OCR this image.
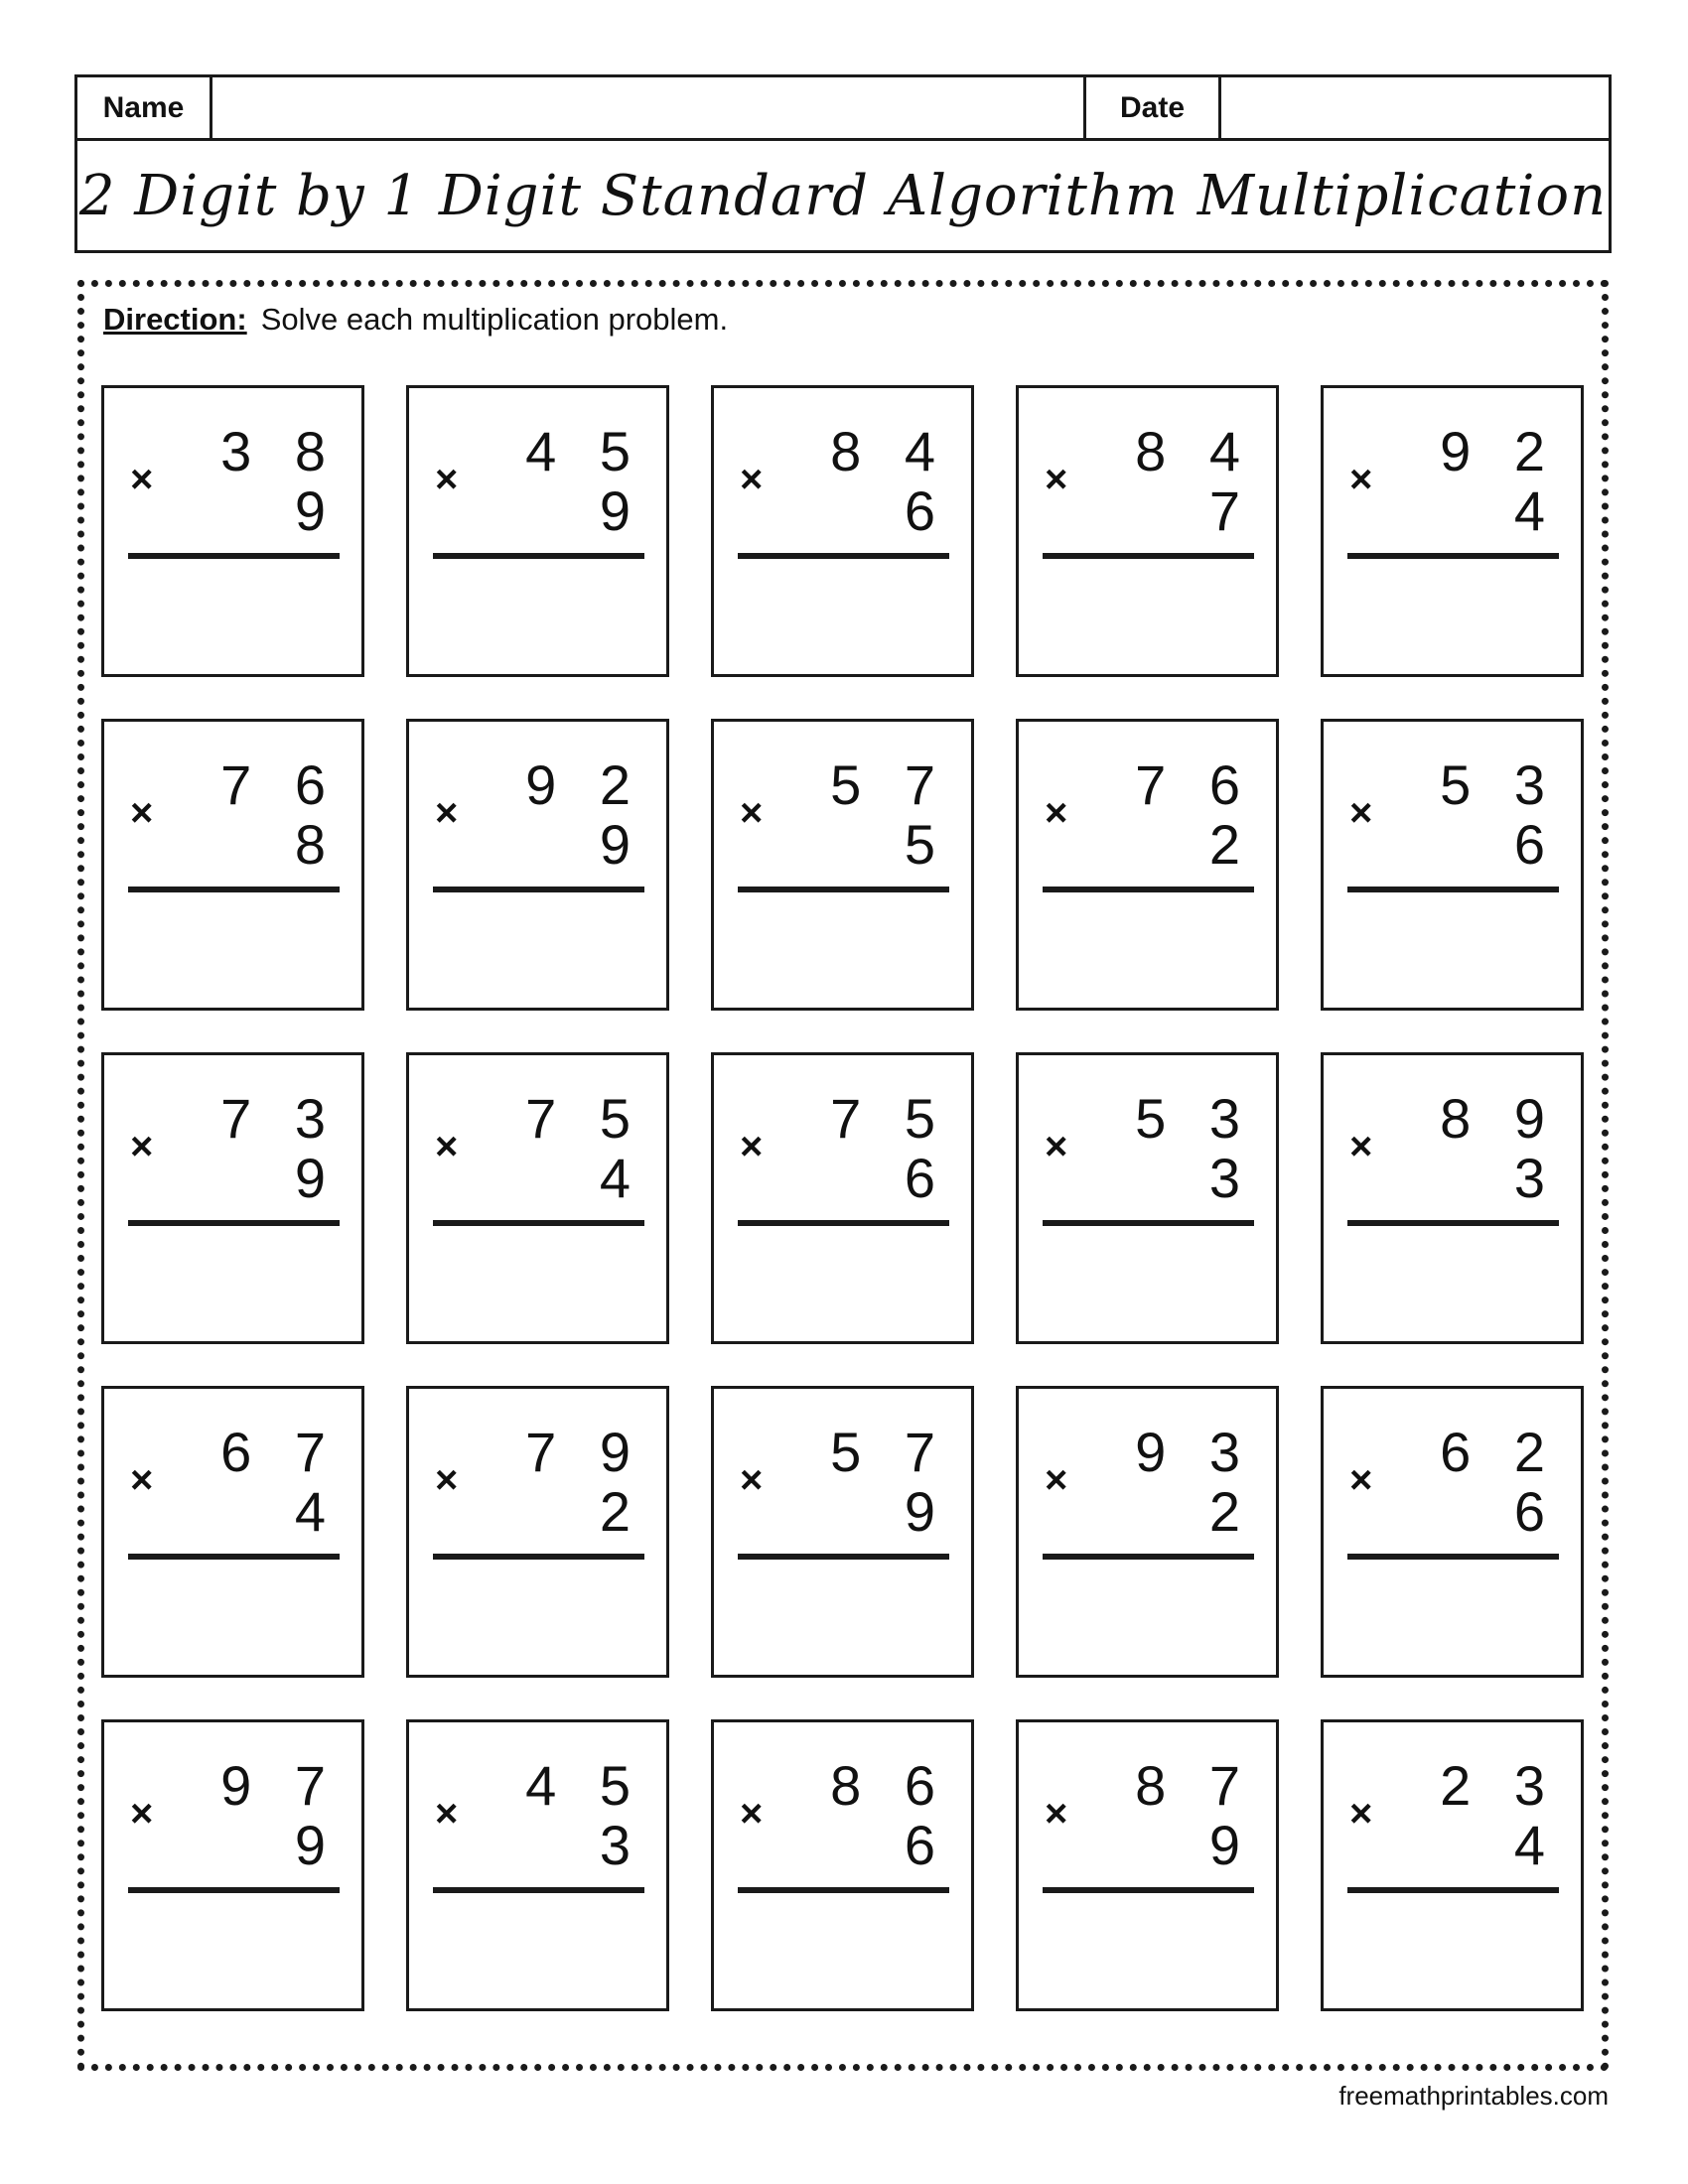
Name	Date
2 Digit by 1 Digit Standard Algorithm Multiplication
Direction: Solve each multiplication problem.
× 3 8
9 × 4 5
9 × 8 4
6 × 8 4
7 × 9 2
4
× 7 6
8 × 9 2
9 × 5 7
5 × 7 6
2 × 5 3
6
× 7 3
9 × 7 5
4 × 7 5
6 × 5 3
3 × 8 9
3
× 6 7
4 × 7 9
2 × 5 7
9 × 9 3
2 × 6 2
6
× 9 7
9 × 4 5
3 × 8 6
6 × 8 7
9 × 2 3
4
freemathprintables.com
